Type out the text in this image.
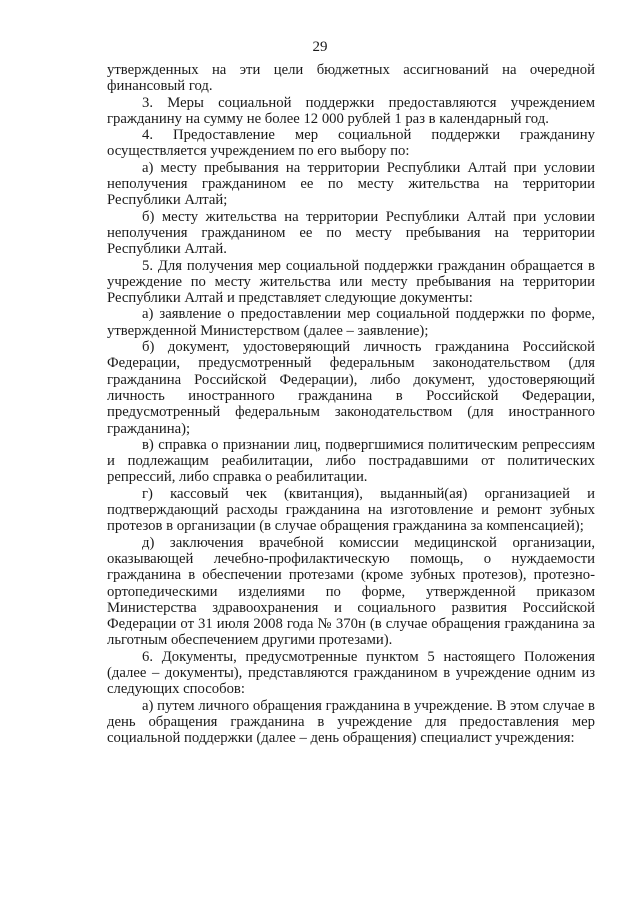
29

утвержденных на эти цели бюджетных ассигнований на очередной финансовый год.

3. Меры социальной поддержки предоставляются учреждением гражданину на сумму не более 12 000 рублей 1 раз в календарный год.

4. Предоставление мер социальной поддержки гражданину осуществляется учреждением по его выбору по:

а) месту пребывания на территории Республики Алтай при условии неполучения гражданином ее по месту жительства на территории Республики Алтай;

б) месту жительства на территории Республики Алтай при условии неполучения гражданином ее по месту пребывания на территории Республики Алтай.

5. Для получения мер социальной поддержки гражданин обращается в учреждение по месту жительства или месту пребывания на территории Республики Алтай и представляет следующие документы:

а) заявление о предоставлении мер социальной поддержки по форме, утвержденной Министерством (далее – заявление);

б) документ, удостоверяющий личность гражданина Российской Федерации, предусмотренный федеральным законодательством (для гражданина Российской Федерации), либо документ, удостоверяющий личность иностранного гражданина в Российской Федерации, предусмотренный федеральным законодательством (для иностранного гражданина);

в) справка о признании лиц, подвергшимися политическим репрессиям и подлежащим реабилитации, либо пострадавшими от политических репрессий, либо справка о реабилитации.

г) кассовый чек (квитанция), выданный(ая) организацией и подтверждающий расходы гражданина на изготовление и ремонт зубных протезов в организации (в случае обращения гражданина за компенсацией);

д) заключения врачебной комиссии медицинской организации, оказывающей лечебно-профилактическую помощь, о нуждаемости гражданина в обеспечении протезами (кроме зубных протезов), протезно-ортопедическими изделиями по форме, утвержденной приказом Министерства здравоохранения и социального развития Российской Федерации от 31 июля 2008 года № 370н (в случае обращения гражданина за льготным обеспечением другими протезами).

6. Документы, предусмотренные пунктом 5 настоящего Положения (далее – документы), представляются гражданином в учреждение одним из следующих способов:

а) путем личного обращения гражданина в учреждение. В этом случае в день обращения гражданина в учреждение для предоставления мер социальной поддержки (далее – день обращения) специалист учреждения:
